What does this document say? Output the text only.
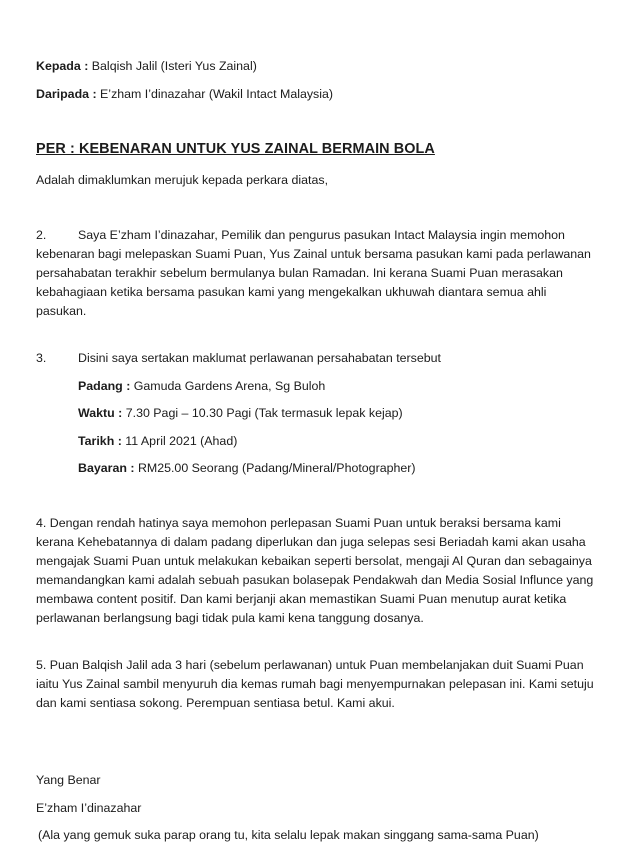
Kepada : Balqish Jalil (Isteri Yus Zainal)
Daripada : E’zham I’dinazahar (Wakil Intact Malaysia)
PER : KEBENARAN UNTUK YUS ZAINAL BERMAIN BOLA
Adalah dimaklumkan merujuk kepada perkara diatas,
2.	Saya E’zham I’dinazahar, Pemilik dan pengurus pasukan Intact Malaysia ingin memohon
kebenaran bagi melepaskan Suami Puan, Yus Zainal untuk bersama pasukan kami pada perlawanan
persahabatan terakhir sebelum bermulanya bulan Ramadan. Ini kerana Suami Puan merasakan
kebahagiaan ketika bersama pasukan kami yang mengekalkan ukhuwah diantara semua ahli
pasukan.
3.	Disini saya sertakan maklumat perlawanan persahabatan tersebut
Padang : Gamuda Gardens Arena, Sg Buloh
Waktu : 7.30 Pagi – 10.30 Pagi (Tak termasuk lepak kejap)
Tarikh : 11 April 2021 (Ahad)
Bayaran : RM25.00 Seorang (Padang/Mineral/Photographer)
4. Dengan rendah hatinya saya memohon perlepasan Suami Puan untuk beraksi bersama kami
kerana Kehebatannya di dalam padang diperlukan dan juga selepas sesi Beriadah kami akan usaha
mengajak Suami Puan untuk melakukan kebaikan seperti bersolat, mengaji Al Quran dan sebagainya
memandangkan kami adalah sebuah pasukan bolasepak Pendakwah dan Media Sosial Influnce yang
membawa content positif. Dan kami berjanji akan memastikan Suami Puan menutup aurat ketika
perlawanan berlangsung bagi tidak pula kami kena tanggung dosanya.
5. Puan Balqish Jalil ada 3 hari (sebelum perlawanan) untuk Puan membelanjakan duit Suami Puan
iaitu Yus Zainal sambil menyuruh dia kemas rumah bagi menyempurnakan pelepasan ini. Kami setuju
dan kami sentiasa sokong. Perempuan sentiasa betul. Kami akui.
Yang Benar
E’zham I’dinazahar
(Ala yang gemuk suka parap orang tu, kita selalu lepak makan singgang sama-sama Puan)
